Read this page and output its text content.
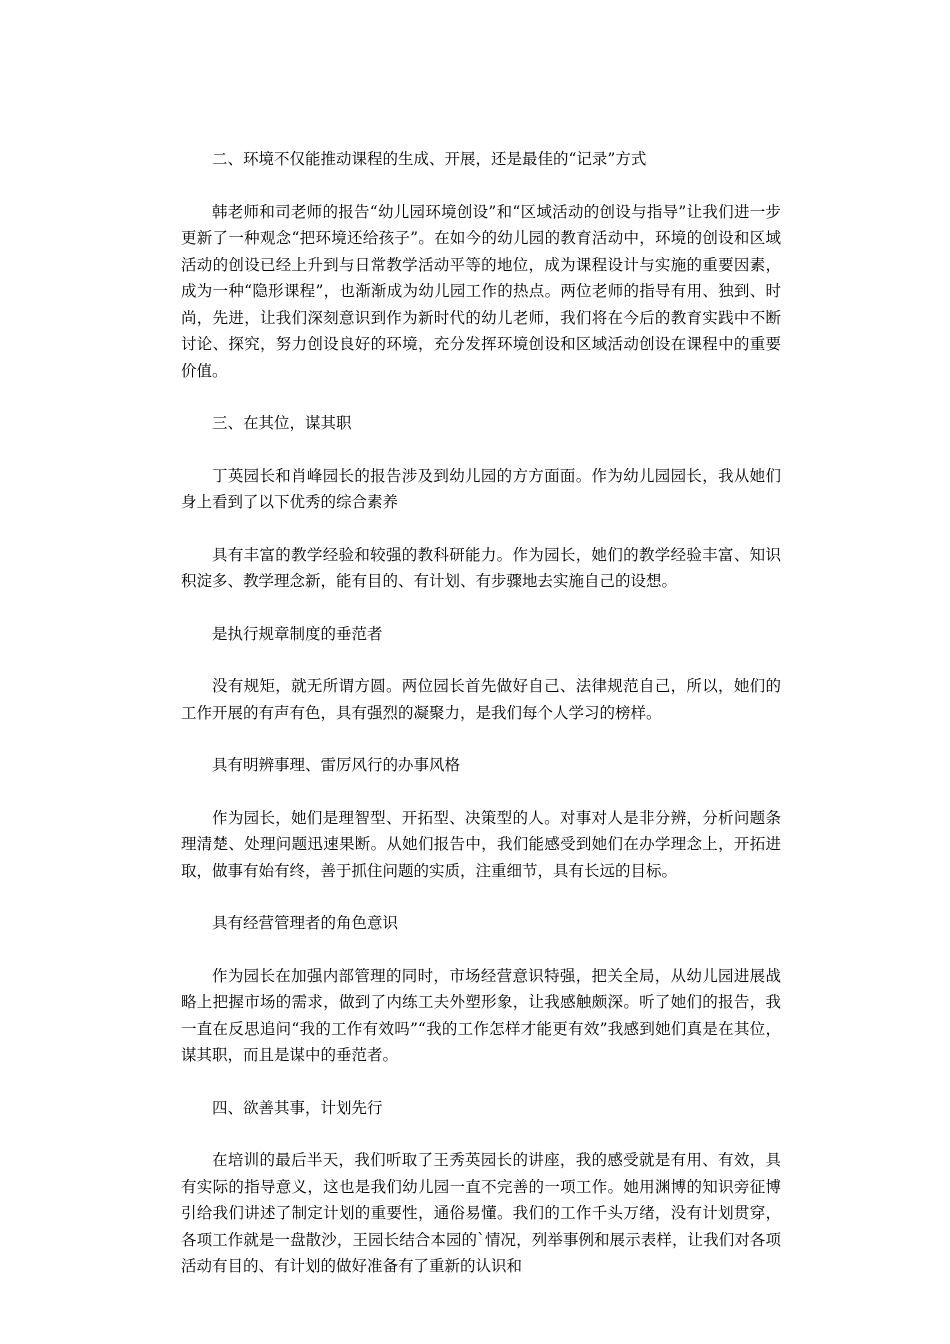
二、环境不仅能推动课程的生成、开展，还是最佳的“记录”方式

韩老师和司老师的报告“幼儿园环境创设”和“区域活动的创设与指导”让我们进一步更新了一种观念“把环境还给孩子”。在如今的幼儿园的教育活动中，环境的创设和区域活动的创设已经上升到与日常教学活动平等的地位，成为课程设计与实施的重要因素，成为一种“隐形课程”，也渐渐成为幼儿园工作的热点。两位老师的指导有用、独到、时尚，先进，让我们深刻意识到作为新时代的幼儿老师，我们将在今后的教育实践中不断讨论、探究，努力创设良好的环境，充分发挥环境创设和区域活动创设在课程中的重要价值。

三、在其位，谋其职

丁英园长和肖峰园长的报告涉及到幼儿园的方方面面。作为幼儿园园长，我从她们身上看到了以下优秀的综合素养

具有丰富的教学经验和较强的教科研能力。作为园长，她们的教学经验丰富、知识积淀多、教学理念新，能有目的、有计划、有步骤地去实施自己的设想。

是执行规章制度的垂范者

没有规矩，就无所谓方圆。两位园长首先做好自己、法律规范自己，所以，她们的工作开展的有声有色，具有强烈的凝聚力，是我们每个人学习的榜样。

具有明辨事理、雷厉风行的办事风格

作为园长，她们是理智型、开拓型、决策型的人。对事对人是非分辨，分析问题条理清楚、处理问题迅速果断。从她们报告中，我们能感受到她们在办学理念上，开拓进取，做事有始有终，善于抓住问题的实质，注重细节，具有长远的目标。

具有经营管理者的角色意识

作为园长在加强内部管理的同时，市场经营意识特强，把关全局，从幼儿园进展战略上把握市场的需求，做到了内练工夫外塑形象，让我感触颇深。听了她们的报告，我一直在反思追问“我的工作有效吗”“我的工作怎样才能更有效”我感到她们真是在其位，谋其职，而且是谋中的垂范者。

四、欲善其事，计划先行

在培训的最后半天，我们听取了王秀英园长的讲座，我的感受就是有用、有效，具有实际的指导意义，这也是我们幼儿园一直不完善的一项工作。她用渊博的知识旁征博引给我们讲述了制定计划的重要性，通俗易懂。我们的工作千头万绪，没有计划贯穿，各项工作就是一盘散沙，王园长结合本园的`情况，列举事例和展示表样，让我们对各项活动有目的、有计划的做好准备有了重新的认识和
